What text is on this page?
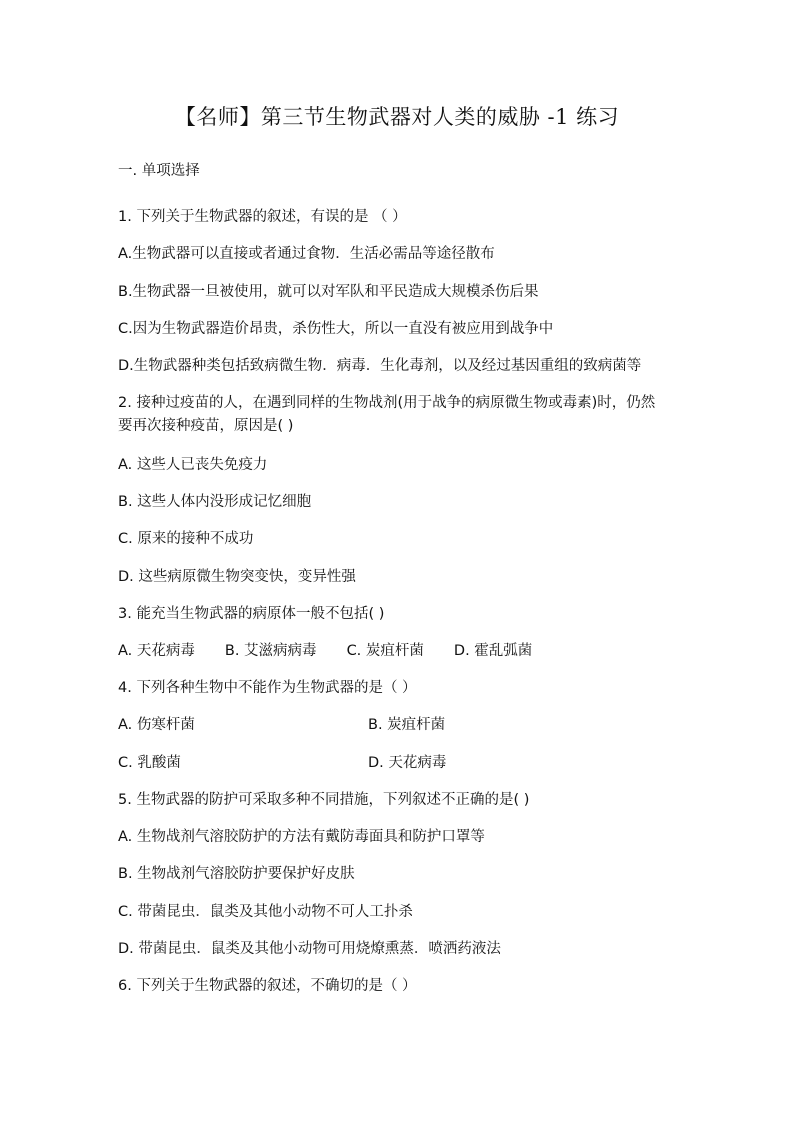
【名师】第三节生物武器对人类的威胁 -1 练习
一. 单项选择
1. 下列关于生物武器的叙述，有误的是 （ ）
A.生物武器可以直接或者通过食物．生活必需品等途径散布
B.生物武器一旦被使用，就可以对军队和平民造成大规模杀伤后果
C.因为生物武器造价昂贵，杀伤性大，所以一直没有被应用到战争中
D.生物武器种类包括致病微生物．病毒．生化毒剂，以及经过基因重组的致病菌等
2. 接种过疫苗的人，在遇到同样的生物战剂(用于战争的病原微生物或毒素)时，仍然
要再次接种疫苗，原因是( )
A. 这些人已丧失免疫力
B. 这些人体内没形成记忆细胞
C. 原来的接种不成功
D. 这些病原微生物突变快，变异性强
3. 能充当生物武器的病原体一般不包括( )
A. 天花病毒 B. 艾滋病病毒 C. 炭疽杆菌 D. 霍乱弧菌
4. 下列各种生物中不能作为生物武器的是（ ）
A. 伤寒杆菌	B. 炭疽杆菌
C. 乳酸菌	D. 天花病毒
5. 生物武器的防护可采取多种不同措施，下列叙述不正确的是( )
A. 生物战剂气溶胶防护的方法有戴防毒面具和防护口罩等
B. 生物战剂气溶胶防护要保护好皮肤
C. 带菌昆虫．鼠类及其他小动物不可人工扑杀
D. 带菌昆虫．鼠类及其他小动物可用烧燎熏蒸．喷洒药液法
6. 下列关于生物武器的叙述，不确切的是（ ）
